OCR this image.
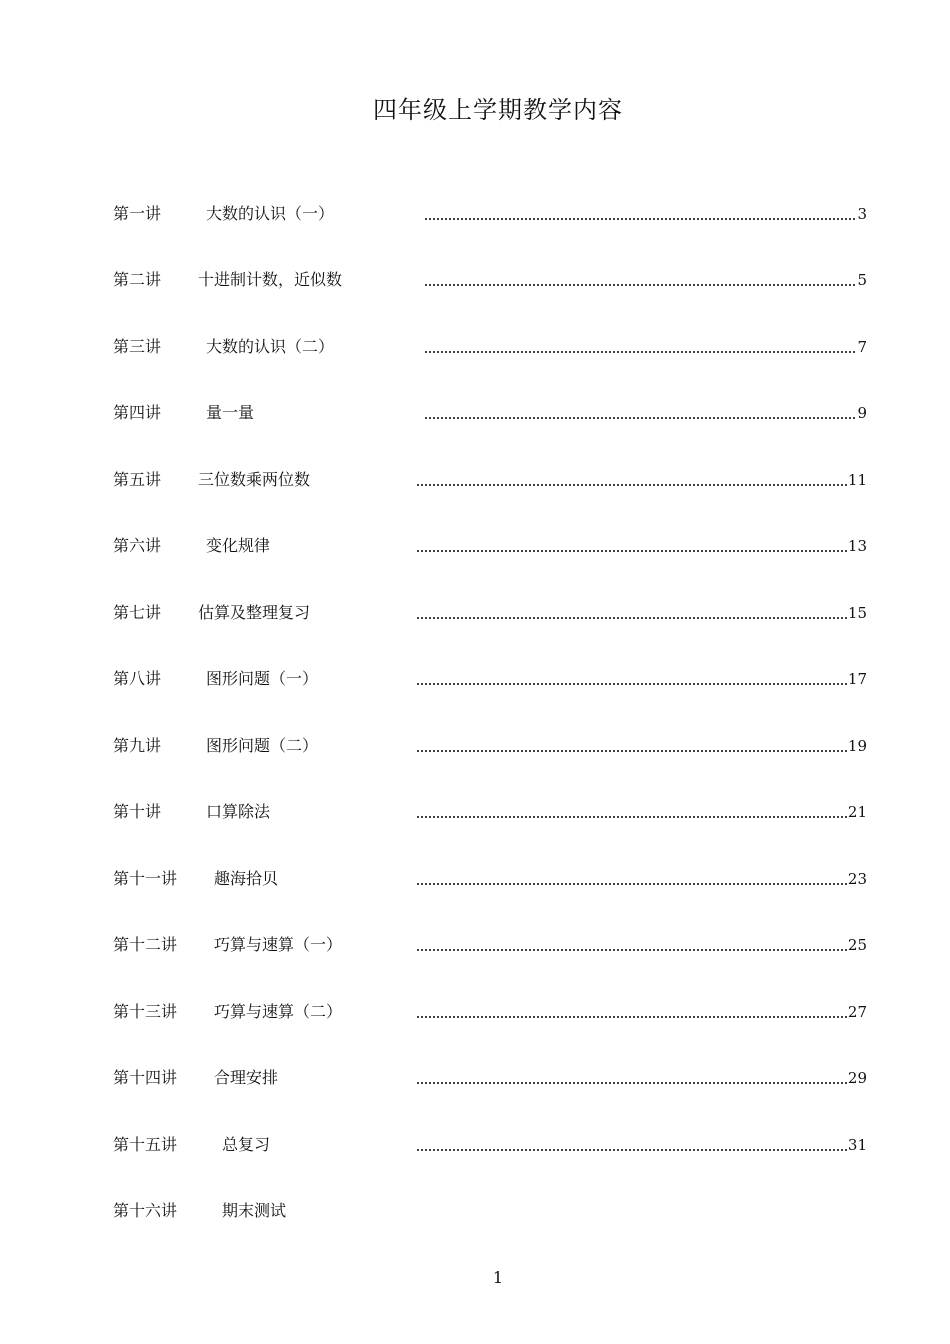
四年级上学期教学内容
第一讲	大数的认识（一）	3
第二讲 十进制计数，近似数	5
第三讲	大数的认识（二）	7
第四讲	量一量	9
第五讲 三位数乘两位数	11
第六讲	变化规律	13
第七讲 估算及整理复习	15
第八讲	图形问题（一）	17
第九讲	图形问题（二）	19
第十讲	口算除法	21
第十一讲 趣海拾贝	23
第十二讲 巧算与速算（一）	25
第十三讲 巧算与速算（二）	27
第十四讲 合理安排	29
第十五讲	总复习	31
第十六讲	期末测试
1
